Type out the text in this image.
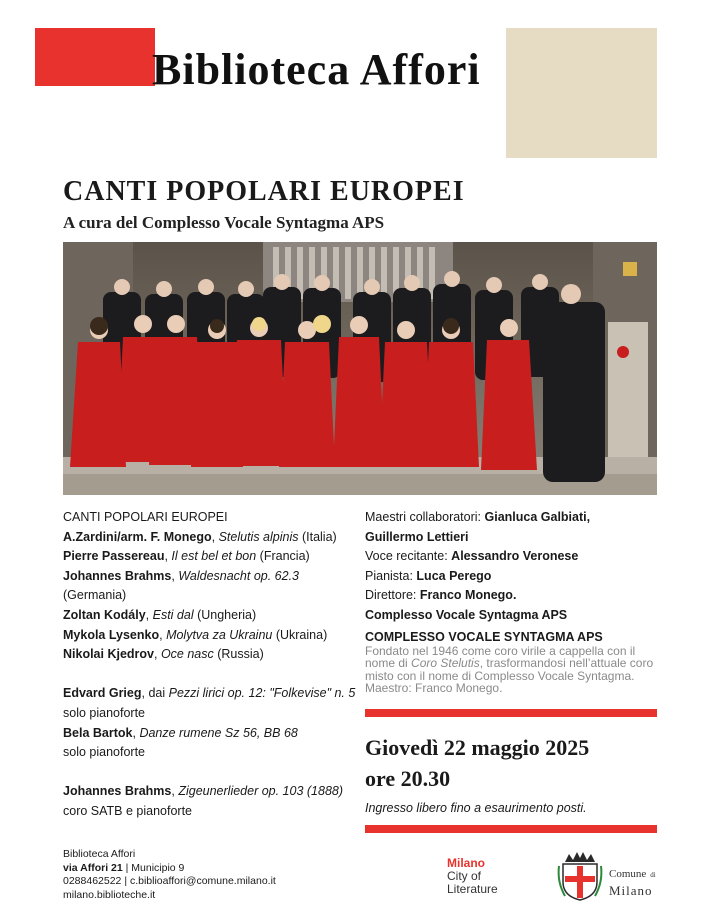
Biblioteca Affori
CANTI POPOLARI EUROPEI
A cura del Complesso Vocale Syntagma APS
CANTI POPOLARI EUROPEI
A.Zardini/arm. F. Monego, Stelutis alpinis (Italia)
Pierre Passereau, Il est bel et bon (Francia)
Johannes Brahms, Waldesnacht op. 62.3
(Germania)
Zoltan Kodály, Esti dal (Ungheria)
Mykola Lysenko, Molytva za Ukrainu (Ukraina)
Nikolai Kjedrov, Oce nasc (Russia)
Edvard Grieg, dai Pezzi lirici op. 12: "Folkevise" n. 5
solo pianoforte
Bela Bartok, Danze rumene Sz 56, BB 68
solo pianoforte
Johannes Brahms, Zigeunerlieder op. 103 (1888)
coro SATB e pianoforte
Maestri collaboratori: Gianluca Galbiati,
Guillermo Lettieri
Voce recitante: Alessandro Veronese
Pianista: Luca Perego
Direttore: Franco Monego.
Complesso Vocale Syntagma APS
COMPLESSO VOCALE SYNTAGMA APS
Fondato nel 1946 come coro virile a cappella con il nome di Coro Stelutis, trasformandosi nell’attuale coro misto con il nome di Complesso Vocale Syntagma. Maestro: Franco Monego.
Giovedì 22 maggio 2025
ore 20.30
Ingresso libero fino a esaurimento posti.
Biblioteca Affori
via Affori 21 | Municipio 9
0288462522 | c.biblioaffori@comune.milano.it
milano.biblioteche.it
Milano
City of
Literature
Comune di
Milano
